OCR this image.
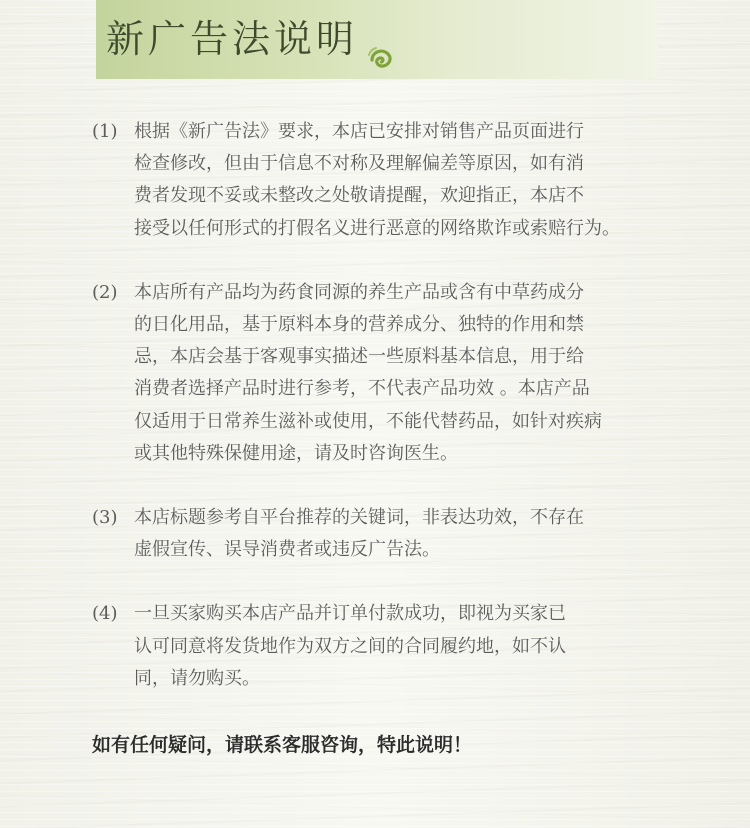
新广告法说明
(1) 根据《新广告法》要求，本店已安排对销售产品页面进行
检查修改，但由于信息不对称及理解偏差等原因，如有消
费者发现不妥或未整改之处敬请提醒，欢迎指正，本店不
接受以任何形式的打假名义进行恶意的网络欺诈或索赔行为。
(2) 本店所有产品均为药食同源的养生产品或含有中草药成分
的日化用品，基于原料本身的营养成分、独特的作用和禁
忌，本店会基于客观事实描述一些原料基本信息，用于给
消费者选择产品时进行参考，不代表产品功效 。本店产品
仅适用于日常养生滋补或使用，不能代替药品，如针对疾病
或其他特殊保健用途，请及时咨询医生。
(3) 本店标题参考自平台推荐的关键词，非表达功效，不存在
虚假宣传、误导消费者或违反广告法。
(4) 一旦买家购买本店产品并订单付款成功，即视为买家已
认可同意将发货地作为双方之间的合同履约地，如不认
同，请勿购买。

如有任何疑问，请联系客服咨询，特此说明！
